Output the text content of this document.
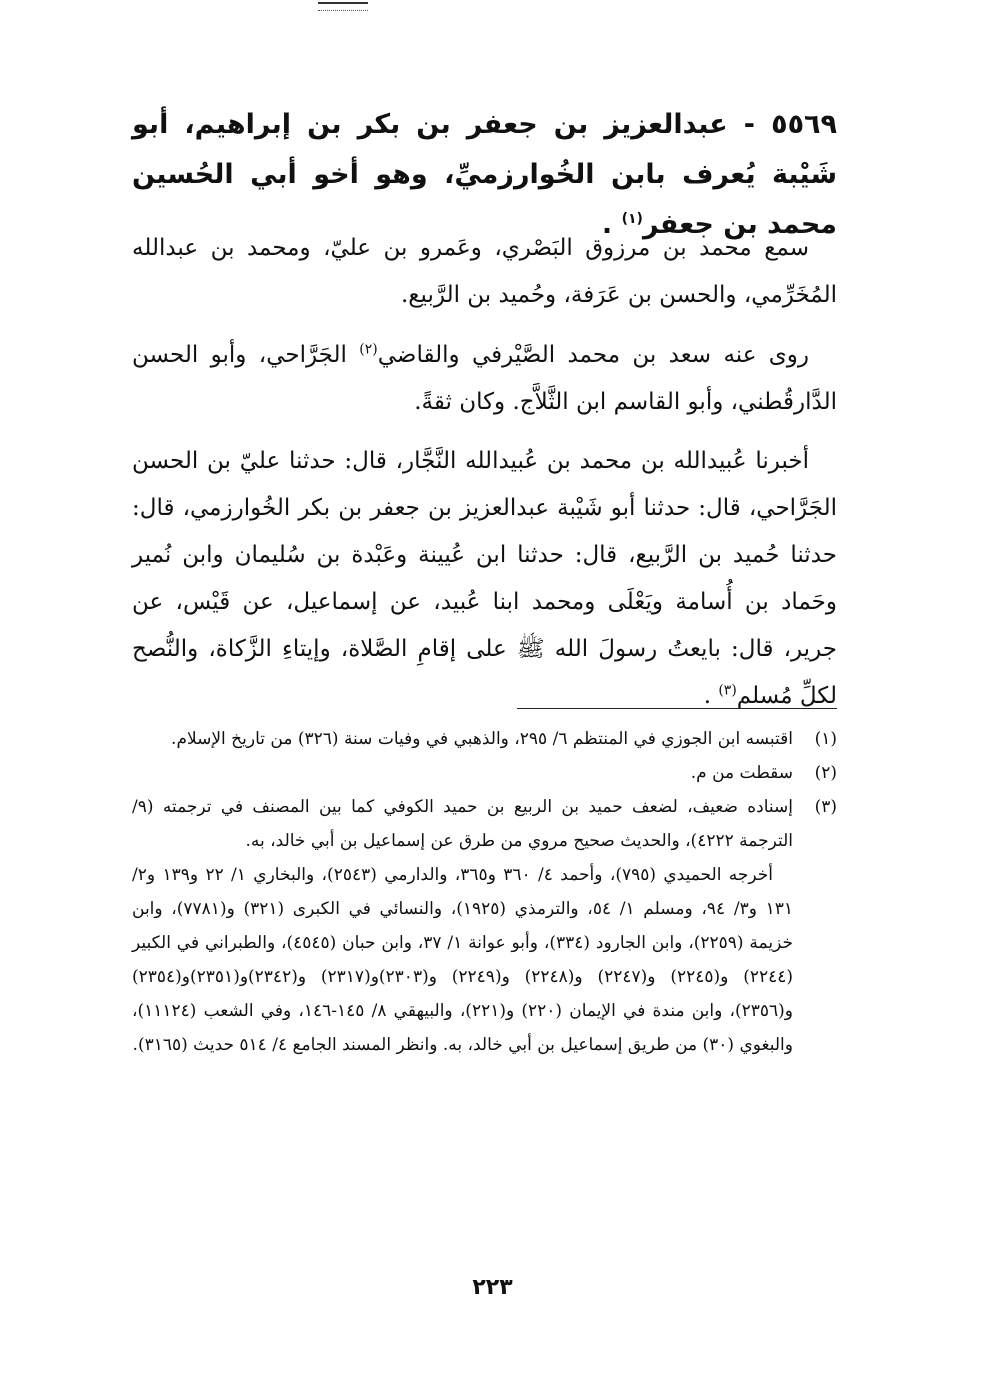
٥٥٦٩ - عبدالعزيز بن جعفر بن بكر بن إبراهيم، أبو شَيْبة يُعرف بابن الخُوارزميِّ، وهو أخو أبي الحُسين محمد بن جعفر$^{(١)}$ .
سمع محمد بن مرزوق البَصْري، وعَمرو بن عليّ، ومحمد بن عبدالله المُخَرِّمي، والحسن بن عَرَفة، وحُميد بن الرَّبيع.
روى عنه سعد بن محمد الصَّيْرفي والقاضي$^{(٢)}$ الجَرَّاحي، وأبو الحسن الدَّارقُطني، وأبو القاسم ابن الثَّلاَّج. وكان ثقةً.
أخبرنا عُبيدالله بن محمد بن عُبيدالله النَّجَّار، قال: حدثنا عليّ بن الحسن الجَرَّاحي، قال: حدثنا أبو شَيْبة عبدالعزيز بن جعفر بن بكر الخُوارزمي، قال: حدثنا حُميد بن الرَّبيع، قال: حدثنا ابن عُيينة وعَبْدة بن سُليمان وابن نُمير وحَماد بن أُسامة ويَعْلَى ومحمد ابنا عُبيد، عن إسماعيل، عن قَيْس، عن جرير، قال: بايعتُ رسولَ الله ﷺ على إقامِ الصَّلاة، وإيتاءِ الزَّكاة، والنُّصح لكلِّ مُسلم$^{(٣)}$ .
(١)
اقتبسه ابن الجوزي في المنتظم ٦/ ٢٩٥، والذهبي في وفيات سنة (٣٢٦) من تاريخ الإسلام.
(٢)
سقطت من م.
(٣)
إسناده ضعيف، لضعف حميد بن الربيع بن حميد الكوفي كما بين المصنف في ترجمته (٩/ الترجمة ٤٢٢٢)، والحديث صحيح مروي من طرق عن إسماعيل بن أبي خالد، به.
أخرجه الحميدي (٧٩٥)، وأحمد ٤/ ٣٦٠ و٣٦٥، والدارمي (٢٥٤٣)، والبخاري ١/ ٢٢ و١٣٩ و٢/ ١٣١ و٣/ ٩٤، ومسلم ١/ ٥٤، والترمذي (١٩٢٥)، والنسائي في الكبرى (٣٢١) و(٧٧٨١)، وابن خزيمة (٢٢٥٩)، وابن الجارود (٣٣٤)، وأبو عوانة ١/ ٣٧، وابن حبان (٤٥٤٥)، والطبراني في الكبير (٢٢٤٤) و(٢٢٤٥) و(٢٢٤٧) و(٢٢٤٨) و(٢٢٤٩) و(٢٣٠٣)و(٢٣١٧) و(٢٣٤٢)و(٢٣٥١)و(٢٣٥٤) و(٢٣٥٦)، وابن مندة في الإيمان (٢٢٠) و(٢٢١)، والبيهقي ٨/ ١٤٥-١٤٦، وفي الشعب (١١١٢٤)، والبغوي (٣٠) من طريق إسماعيل بن أبي خالد، به. وانظر المسند الجامع ٤/ ٥١٤ حديث (٣١٦٥).
٢٢٣
